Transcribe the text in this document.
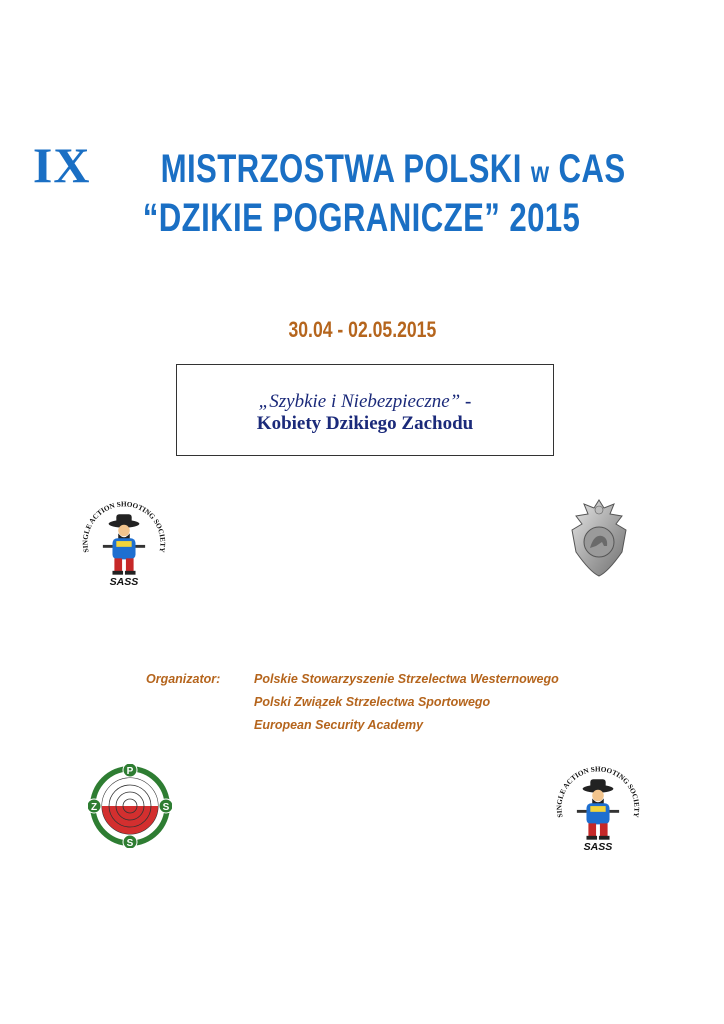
IX MISTRZOSTWA POLSKI w CAS
“DZIKIE POGRANICZE” 2015
30.04 - 02.05.2015
„Szybkie i Niebezpieczne” -
Kobiety Dzikiego Zachodu
SINGLE ACTION SHOOTING SOCIETY
SASS
Organizator:	Polskie Stowarzyszenie Strzelectwa Westernowego
Polski Związek Strzelectwa Sportowego
European Security Academy
P
Z	S
S
SINGLE ACTION SHOOTING SOCIETY
SASS
